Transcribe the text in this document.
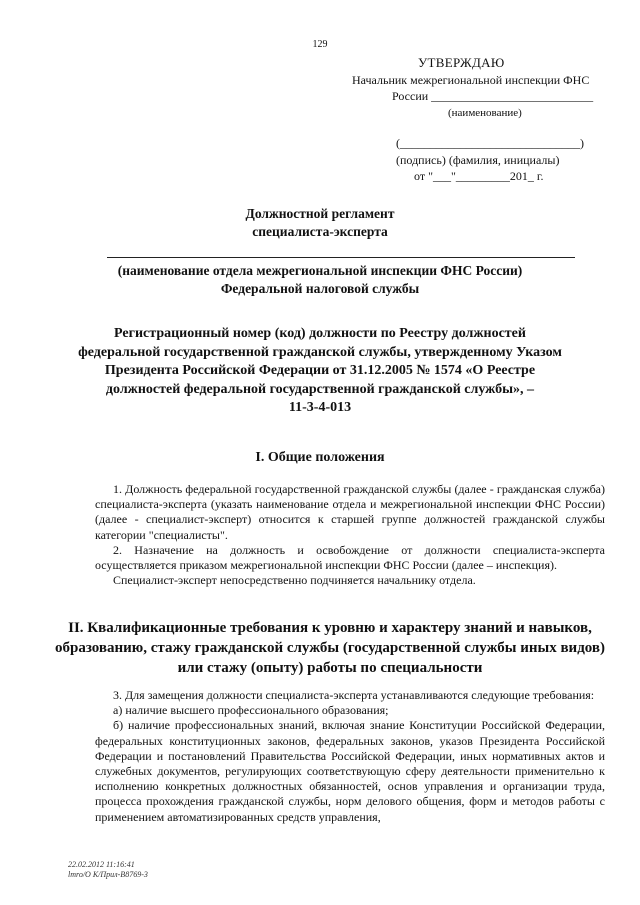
129
УТВЕРЖДАЮ
Начальник межрегиональной инспекции ФНС
России ___________________________
(наименование)
(______________________________)
(подпись) (фамилия, инициалы)
от "___"_________201_ г.
Должностной регламент
специалиста-эксперта
(наименование отдела межрегиональной инспекции ФНС России)
Федеральной налоговой службы
Регистрационный номер (код) должности по Реестру должностей
федеральной государственной гражданской службы, утвержденному Указом
Президента Российской Федерации от 31.12.2005 № 1574 «О Реестре
должностей федеральной государственной гражданской службы», –
11-3-4-013
I. Общие положения

1. Должность федеральной государственной гражданской службы (далее - гражданская служба) специалиста-эксперта (указать наименование отдела и межрегиональной инспекции ФНС России) (далее - специалист-эксперт) относится к старшей группе должностей гражданской службы категории "специалисты".

2. Назначение на должность и освобождение от должности специалиста-эксперта осуществляется приказом межрегиональной инспекции ФНС России (далее – инспекция).

Специалист-эксперт непосредственно подчиняется начальнику отдела.

II. Квалификационные требования к уровню и характеру знаний и навыков, образованию, стажу гражданской службы (государственной службы иных видов) или стажу (опыту) работы по специальности

3. Для замещения должности специалиста-эксперта устанавливаются следующие требования:

а) наличие высшего профессионального образования;

б) наличие профессиональных знаний, включая знание Конституции Российской Федерации, федеральных конституционных законов, федеральных законов, указов Президента Российской Федерации и постановлений Правительства Российской Федерации, иных нормативных актов и служебных документов, регулирующих соответствующую сферу деятельности применительно к исполнению конкретных должностных обязанностей, основ управления и организации труда, процесса прохождения гражданской службы, норм делового общения, форм и методов работы с применением автоматизированных средств управления,

22.02.2012 11:16:41
lmro/O K/Прил-В8769-3
